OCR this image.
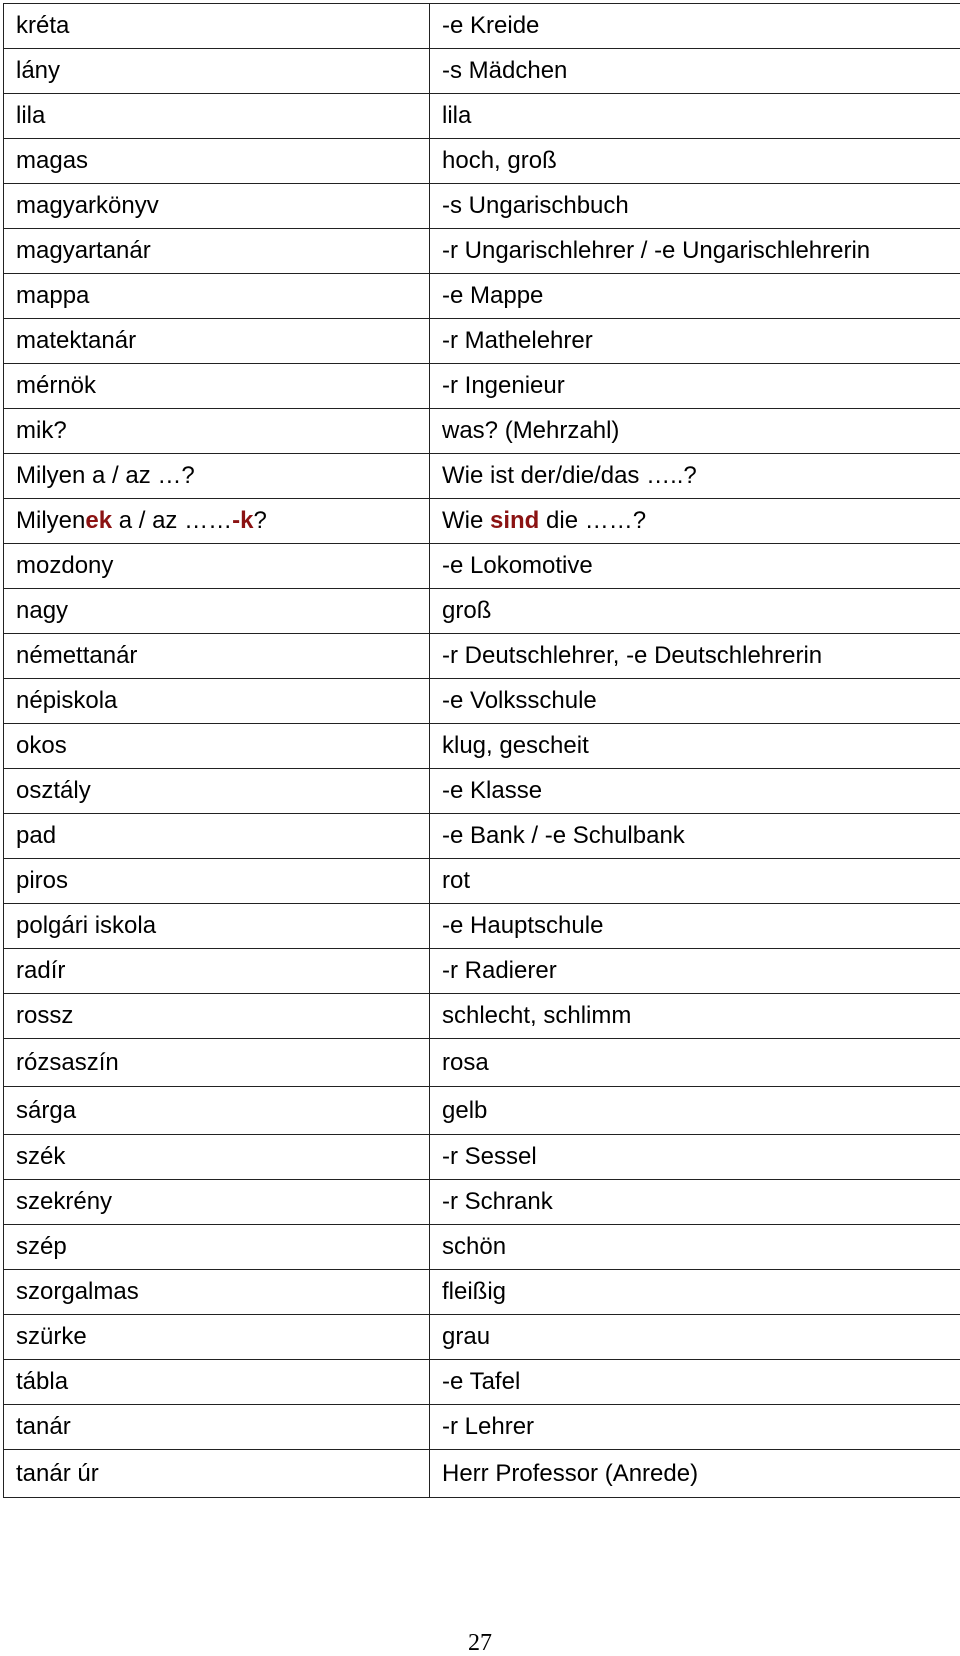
kréta	-e Kreide
lány	-s Mädchen
lila	lila
magas	hoch, groß
magyarkönyv	-s Ungarischbuch
magyartanár	-r Ungarischlehrer / -e Ungarischlehrerin
mappa	-e Mappe
matektanár	-r Mathelehrer
mérnök	-r Ingenieur
mik?	was? (Mehrzahl)
Milyen a / az …?	Wie ist der/die/das …..?
Milyenek a / az ……-k?	Wie sind die ……?
mozdony	-e Lokomotive
nagy	groß
némettanár	-r Deutschlehrer, -e Deutschlehrerin
népiskola	-e Volksschule
okos	klug, gescheit
osztály	-e Klasse
pad	-e Bank / -e Schulbank
piros	rot
polgári iskola	-e Hauptschule
radír	-r Radierer
rossz	schlecht, schlimm
rózsaszín	rosa
sárga	gelb
szék	-r Sessel
szekrény	-r Schrank
szép	schön
szorgalmas	fleißig
szürke	grau
tábla	-e Tafel
tanár	-r Lehrer
tanár úr	Herr Professor (Anrede)
27
